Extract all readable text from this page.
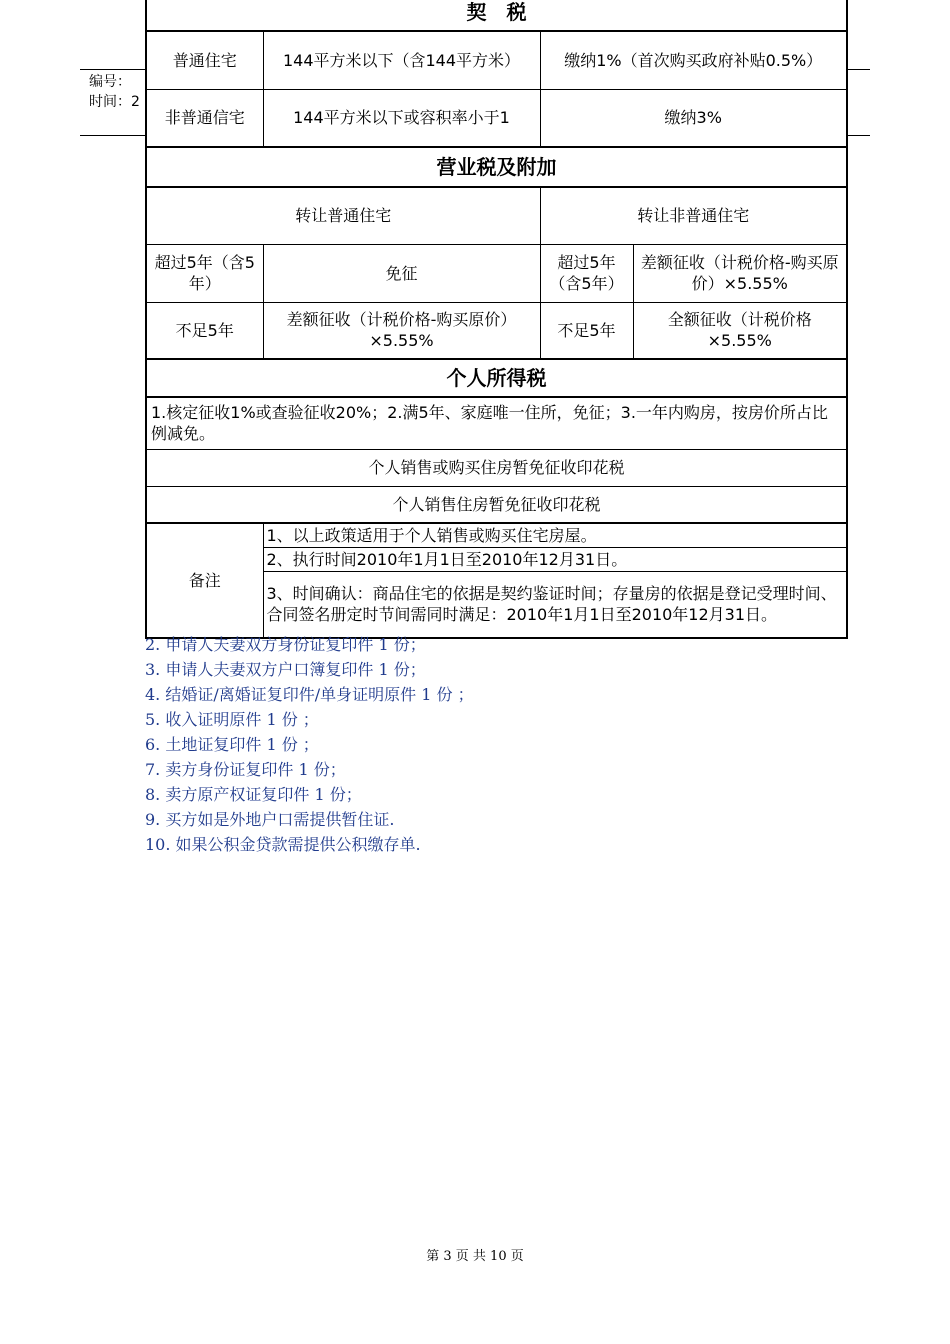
编号：
时间：2
契　税			
普通住宅	144平方米以下（含144平方米）	缴纳1%（首次购买政府补贴0.5%）	
非普通信宅	144平方米以下或容积率小于1	缴纳3%	
营业税及附加			
转让普通住宅		转让非普通住宅	
超过5年（含5年）	免征	超过5年（含5年）	差额征收（计税价格-购买原价）×5.55%
不足5年	差额征收（计税价格-购买原价）×5.55%	不足5年	全额征收（计税价格×5.55%
个人所得税			
1.核定征收1%或查验征收20%；2.满5年、家庭唯一住所，免征；3.一年内购房，按房价所占比例减免。			
个人销售或购买住房暂免征收印花税			
个人销售住房暂免征收印花税			
备注	1、以上政策适用于个人销售或购买住宅房屋。		
	2、执行时间2010年1月1日至2010年12月31日。		
	3、时间确认：商品住宅的依据是契约鉴证时间；存量房的依据是登记受理时间、合同签名册定时节间需同时满足：2010年1月1日至2010年12月31日。		
2. 申请人夫妻双方身份证复印件 1 份；
3. 申请人夫妻双方户口簿复印件 1 份；
4. 结婚证/离婚证复印件/单身证明原件 1 份 ；
5. 收入证明原件 1 份 ；
6. 土地证复印件 1 份 ；
7. 卖方身份证复印件 1 份；
8. 卖方原产权证复印件 1 份；
9. 买方如是外地户口需提供暂住证.
10. 如果公积金贷款需提供公积缴存单.
第 3 页 共 10 页
